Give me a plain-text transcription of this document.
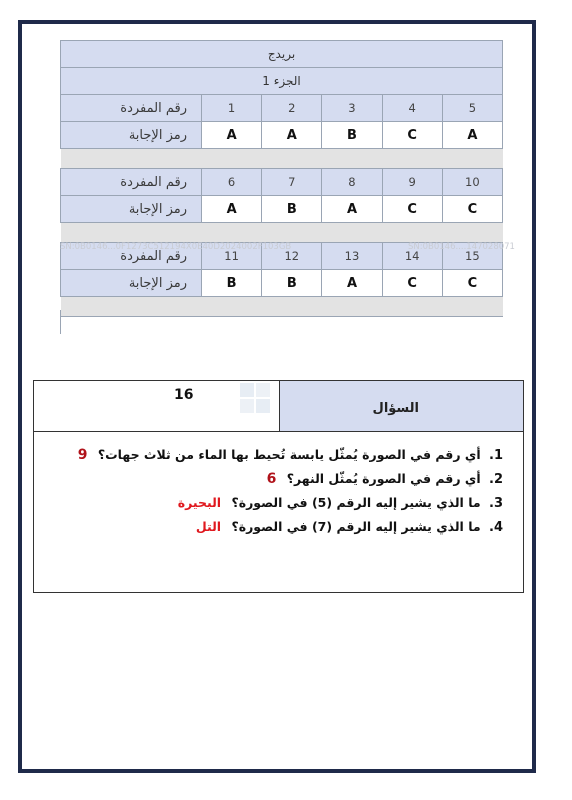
بريدج					
الجزء 1					
رقم المفردة	1	2	3	4	5
رمز الإجابة	A	A	B	C	A

رقم المفردة	6	7	8	9	10
رمز الإجابة	A	B	A	C	C

رقم المفردة	11	12	13	14	15
رمز الإجابة	B	B	A	C	C

SN:0B0146...0F1273C512194X0E40D2024002F103GB	SN:0B0146....147028071
16
السؤال
1. أي رقم في الصورة يُمثّل يابسة تُحيط بها الماء من ثلاث جهات؟ 9
2. أي رقم في الصورة يُمثّل النهر؟ 6
3. ما الذي يشير إليه الرقم (5) في الصورة؟ البحيرة
4. ما الذي يشير إليه الرقم (7) في الصورة؟ التل
